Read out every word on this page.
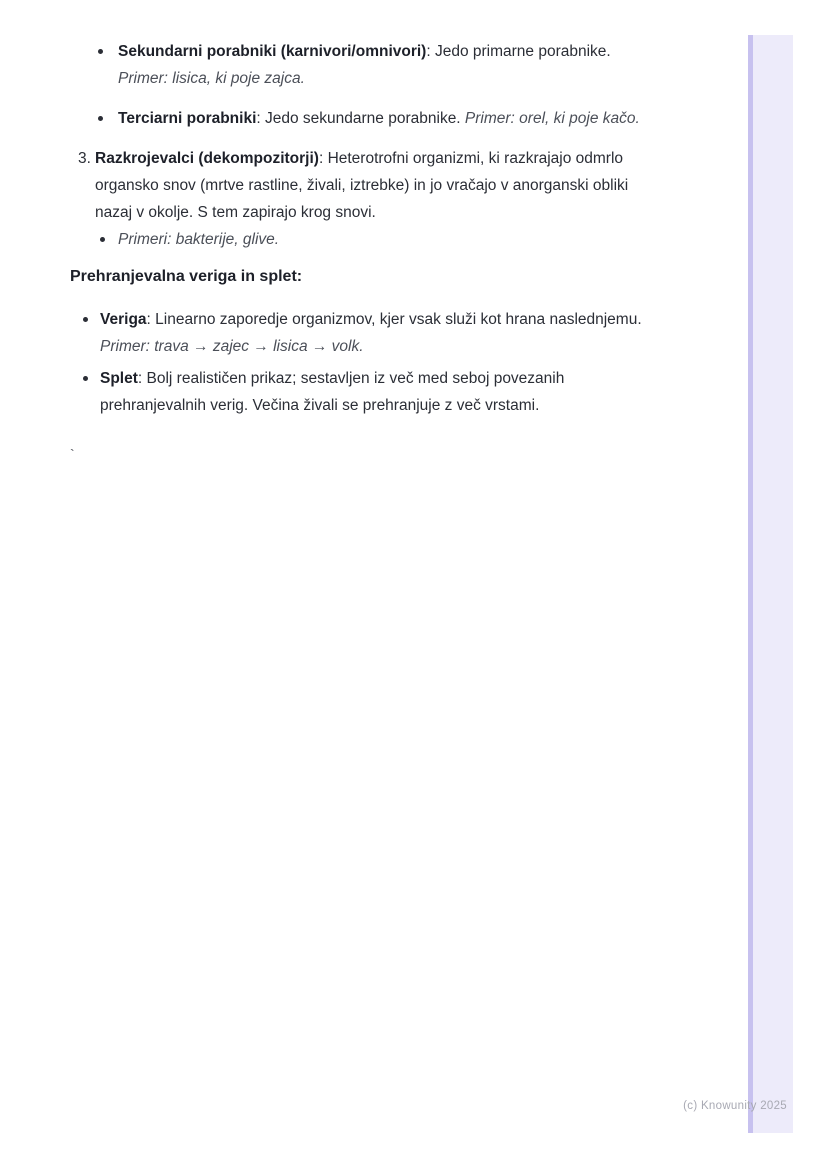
Sekundarni porabniki (karnivori/omnivori): Jedo primarne porabnike. Primer: lisica, ki poje zajca.
Terciarni porabniki: Jedo sekundarne porabnike. Primer: orel, ki poje kačo.
3. Razkrojevalci (dekompozitorji): Heterotrofni organizmi, ki razkrajajo odmrlo organsko snov (mrtve rastline, živali, iztrebke) in jo vračajo v anorganski obliki nazaj v okolje. S tem zapirajo krog snovi.
Primeri: bakterije, glive.
Prehranjevalna veriga in splet:
Veriga: Linearno zaporedje organizmov, kjer vsak služi kot hrana naslednjemu. Primer: trava → zajec → lisica → volk.
Splet: Bolj realističen prikaz; sestavljen iz več med seboj povezanih prehranjevalnih verig. Večina živali se prehranjuje z več vrstami.
`
(c) Knowunity 2025
